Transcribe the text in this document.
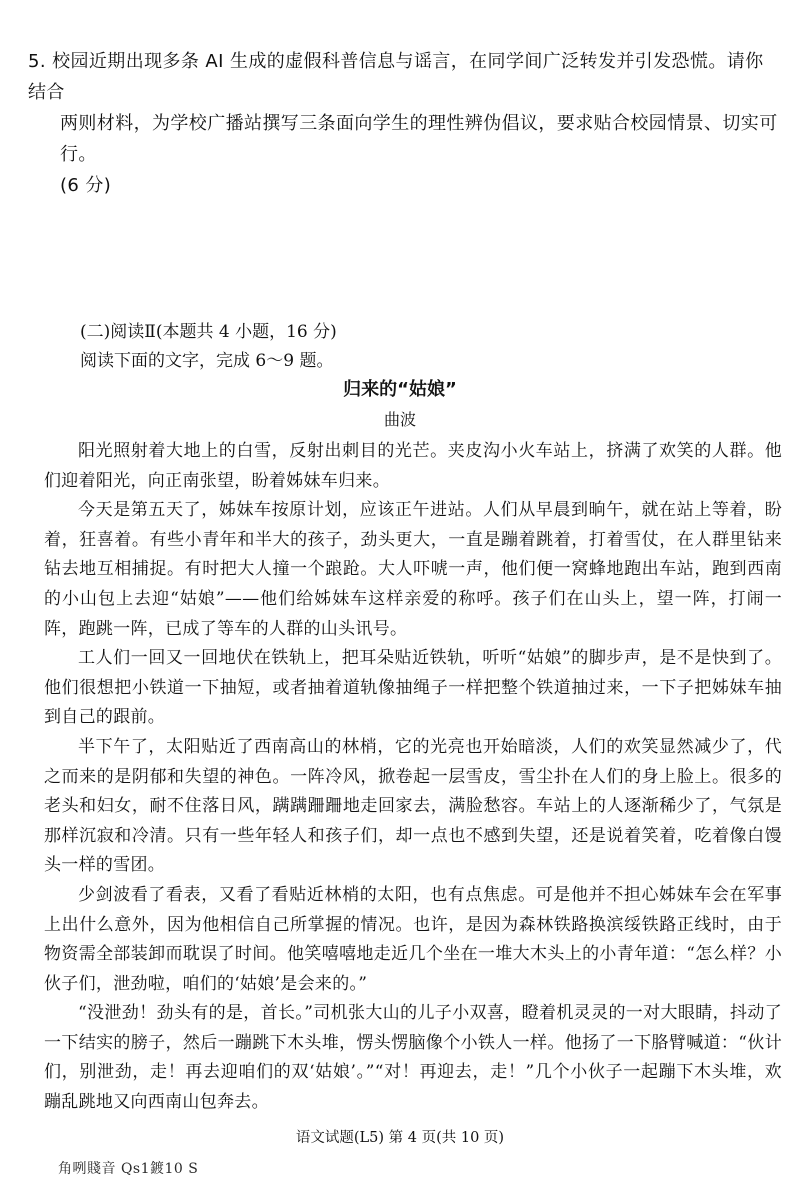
5. 校园近期出现多条 AI 生成的虚假科普信息与谣言，在同学间广泛转发并引发恐慌。请你结合

两则材料，为学校广播站撰写三条面向学生的理性辨伪倡议，要求贴合校园情景、切实可行。

(6 分)

(二)阅读Ⅱ(本题共 4 小题，16 分)

阅读下面的文字，完成 6～9 题。

归来的“姑娘”
曲波

阳光照射着大地上的白雪，反射出刺目的光芒。夹皮沟小火车站上，挤满了欢笑的人群。他们迎着阳光，向正南张望，盼着姊妹车归来。

今天是第五天了，姊妹车按原计划，应该正午进站。人们从早晨到晌午，就在站上等着，盼着，狂喜着。有些小青年和半大的孩子，劲头更大，一直是蹦着跳着，打着雪仗，在人群里钻来钻去地互相捕捉。有时把大人撞一个踉跄。大人吓唬一声，他们便一窝蜂地跑出车站，跑到西南的小山包上去迎“姑娘”——他们给姊妹车这样亲爱的称呼。孩子们在山头上，望一阵，打闹一阵，跑跳一阵，已成了等车的人群的山头讯号。

工人们一回又一回地伏在铁轨上，把耳朵贴近铁轨，听听“姑娘”的脚步声，是不是快到了。他们很想把小铁道一下抽短，或者抽着道轨像抽绳子一样把整个铁道抽过来，一下子把姊妹车抽到自己的跟前。

半下午了，太阳贴近了西南高山的林梢，它的光亮也开始暗淡，人们的欢笑显然减少了，代之而来的是阴郁和失望的神色。一阵冷风，掀卷起一层雪皮，雪尘扑在人们的身上脸上。很多的老头和妇女，耐不住落日风，蹒蹒跚跚地走回家去，满脸愁容。车站上的人逐渐稀少了，气氛是那样沉寂和冷清。只有一些年轻人和孩子们，却一点也不感到失望，还是说着笑着，吃着像白馒头一样的雪团。

少剑波看了看表，又看了看贴近林梢的太阳，也有点焦虑。可是他并不担心姊妹车会在军事上出什么意外，因为他相信自己所掌握的情况。也许，是因为森林铁路换滨绥铁路正线时，由于物资需全部装卸而耽误了时间。他笑嘻嘻地走近几个坐在一堆大木头上的小青年道：“怎么样？小伙子们，泄劲啦，咱们的‘姑娘’是会来的。”

“没泄劲！劲头有的是，首长。”司机张大山的儿子小双喜，瞪着机灵灵的一对大眼睛，抖动了一下结实的膀子，然后一蹦跳下木头堆，愣头愣脑像个小铁人一样。他扬了一下胳臂喊道：“伙计们，别泄劲，走！再去迎咱们的双‘姑娘’。”“对！再迎去，走！”几个小伙子一起蹦下木头堆，欢蹦乱跳地又向西南山包奔去。

语文试题(L5) 第 4 页(共 10 页)
角咧賤音 Qs1鍍10 S
